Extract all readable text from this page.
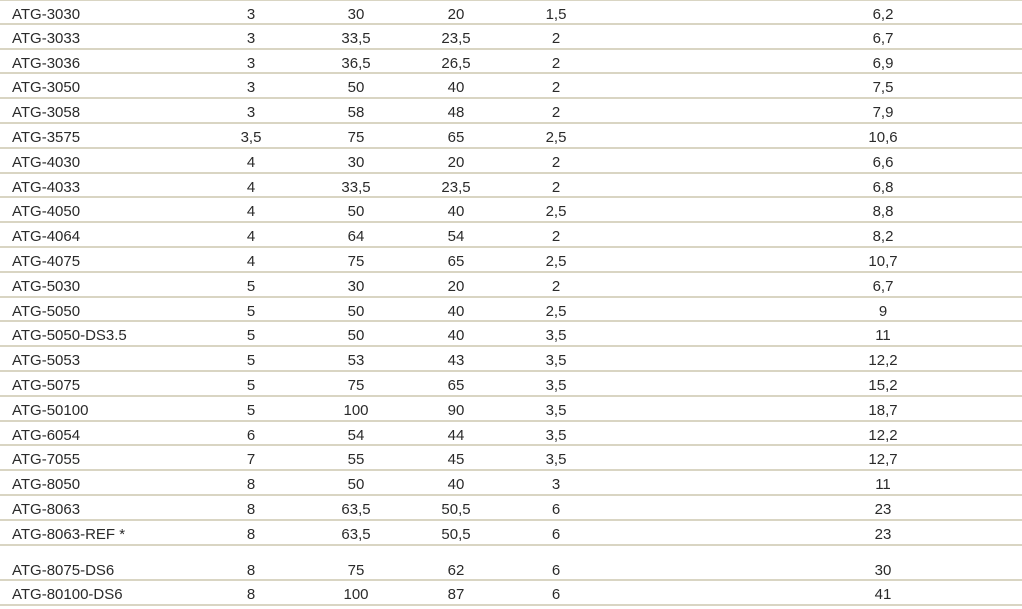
ATG-3030	3	30	20	1,5	6,2
ATG-3033	3	33,5	23,5	2	6,7
ATG-3036	3	36,5	26,5	2	6,9
ATG-3050	3	50	40	2	7,5
ATG-3058	3	58	48	2	7,9
ATG-3575	3,5	75	65	2,5	10,6
ATG-4030	4	30	20	2	6,6
ATG-4033	4	33,5	23,5	2	6,8
ATG-4050	4	50	40	2,5	8,8
ATG-4064	4	64	54	2	8,2
ATG-4075	4	75	65	2,5	10,7
ATG-5030	5	30	20	2	6,7
ATG-5050	5	50	40	2,5	9
ATG-5050-DS3.5	5	50	40	3,5	11
ATG-5053	5	53	43	3,5	12,2
ATG-5075	5	75	65	3,5	15,2
ATG-50100	5	100	90	3,5	18,7
ATG-6054	6	54	44	3,5	12,2
ATG-7055	7	55	45	3,5	12,7
ATG-8050	8	50	40	3	11
ATG-8063	8	63,5	50,5	6	23
ATG-8063-REF *	8	63,5	50,5	6	23
ATG-8075-DS6	8	75	62	6	30
ATG-80100-DS6	8	100	87	6	41
